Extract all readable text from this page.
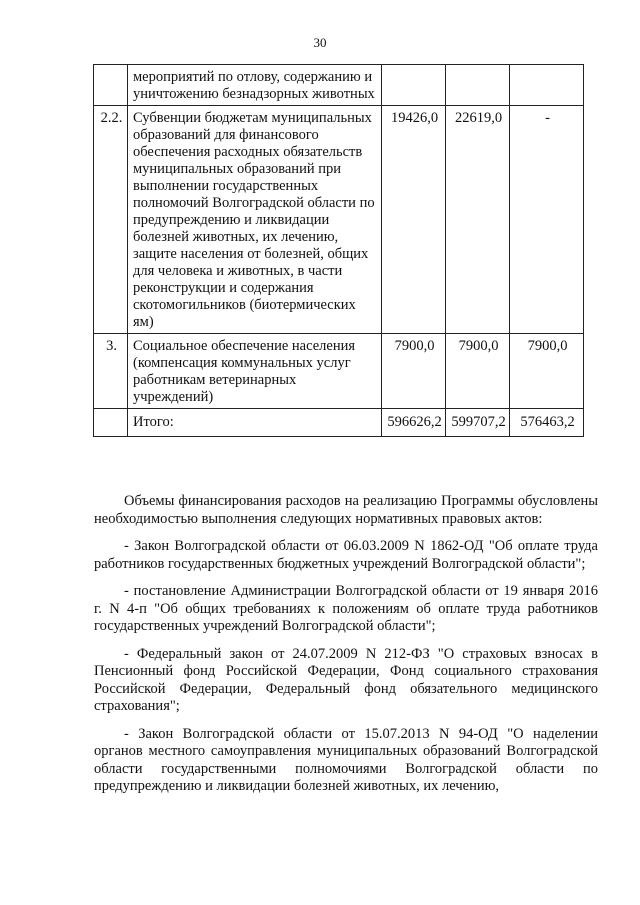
30
	мероприятий по отлову, содержанию и уничтожению безнадзорных животных			
2.2.	Субвенции бюджетам муниципальных образований для финансового обеспечения расходных обязательств муниципальных образований при выполнении государственных полномочий Волгоградской области по предупреждению и ликвидации болезней животных, их лечению, защите населения от болезней, общих для человека и животных, в части реконструкции и содержания скотомогильников (биотермических ям)	19426,0	22619,0	-
3.	Социальное обеспечение населения (компенсация коммунальных услуг работникам ветеринарных учреждений)	7900,0	7900,0	7900,0
	Итого:	596626,2	599707,2	576463,2

Объемы финансирования расходов на реализацию Программы обусловлены необходимостью выполнения следующих нормативных правовых актов:

- Закон Волгоградской области от 06.03.2009 N 1862-ОД "Об оплате труда работников государственных бюджетных учреждений Волгоградской области";

- постановление Администрации Волгоградской области от 19 января 2016 г. N 4-п "Об общих требованиях к положениям об оплате труда работников государственных учреждений Волгоградской области";

- Федеральный закон от 24.07.2009 N 212-ФЗ "О страховых взносах в Пенсионный фонд Российской Федерации, Фонд социального страхования Российской Федерации, Федеральный фонд обязательного медицинского страхования";

- Закон Волгоградской области от 15.07.2013 N 94-ОД "О наделении органов местного самоуправления муниципальных образований Волгоградской области государственными полномочиями Волгоградской области по предупреждению и ликвидации болезней животных, их лечению,
